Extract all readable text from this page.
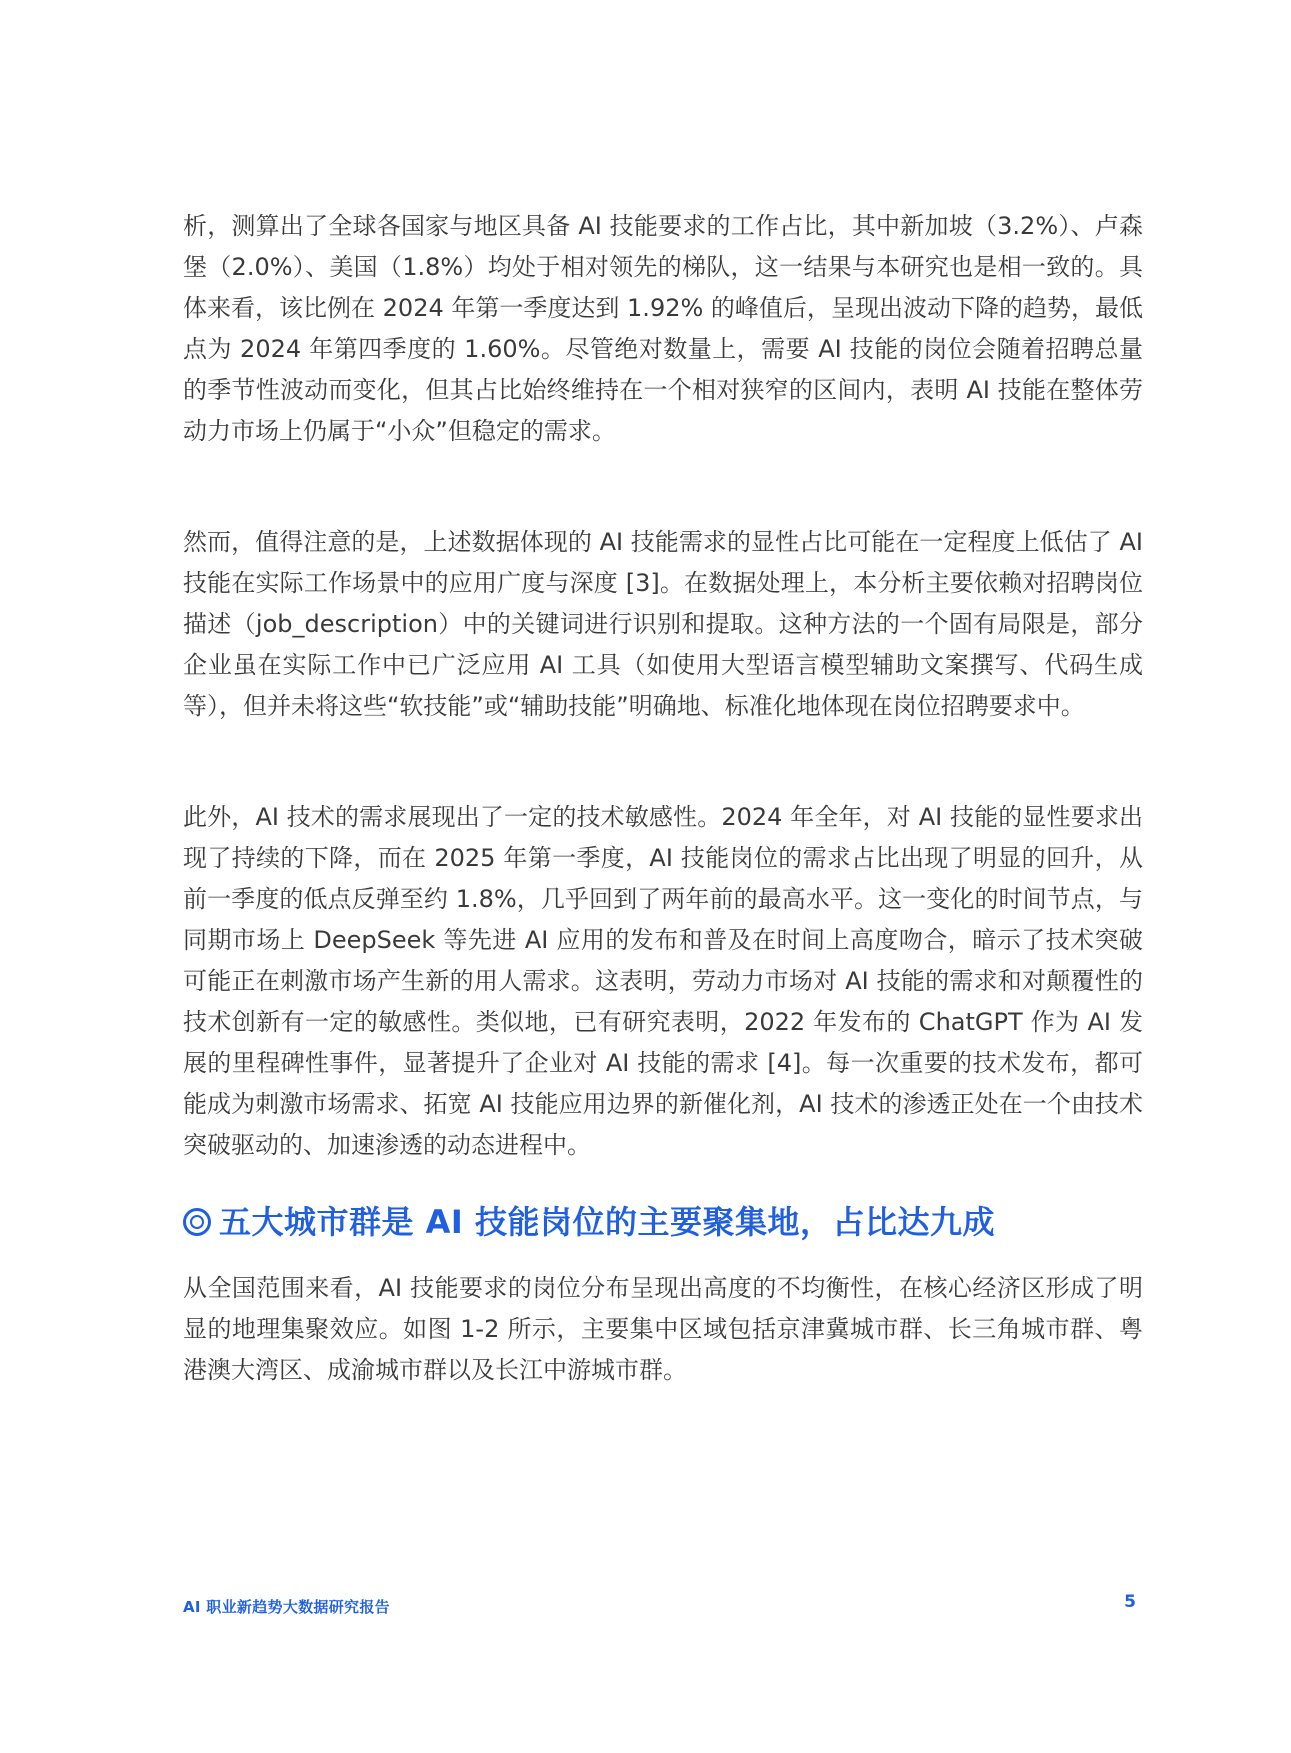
析，测算出了全球各国家与地区具备 AI 技能要求的工作占比，其中新加坡（3.2%）、卢森堡（2.0%）、美国（1.8%）均处于相对领先的梯队，这一结果与本研究也是相一致的。具体来看，该比例在 2024 年第一季度达到 1.92% 的峰值后，呈现出波动下降的趋势，最低点为 2024 年第四季度的 1.60%。尽管绝对数量上，需要 AI 技能的岗位会随着招聘总量的季节性波动而变化，但其占比始终维持在一个相对狭窄的区间内，表明 AI 技能在整体劳动力市场上仍属于“小众”但稳定的需求。

然而，值得注意的是，上述数据体现的 AI 技能需求的显性占比可能在一定程度上低估了 AI 技能在实际工作场景中的应用广度与深度 [3]。在数据处理上，本分析主要依赖对招聘岗位描述（job_description）中的关键词进行识别和提取。这种方法的一个固有局限是，部分企业虽在实际工作中已广泛应用 AI 工具（如使用大型语言模型辅助文案撰写、代码生成等），但并未将这些“软技能”或“辅助技能”明确地、标准化地体现在岗位招聘要求中。

此外，AI 技术的需求展现出了一定的技术敏感性。2024 年全年，对 AI 技能的显性要求出现了持续的下降，而在 2025 年第一季度，AI 技能岗位的需求占比出现了明显的回升，从前一季度的低点反弹至约 1.8%，几乎回到了两年前的最高水平。这一变化的时间节点，与同期市场上 DeepSeek 等先进 AI 应用的发布和普及在时间上高度吻合，暗示了技术突破可能正在刺激市场产生新的用人需求。这表明，劳动力市场对 AI 技能的需求和对颠覆性的技术创新有一定的敏感性。类似地，已有研究表明，2022 年发布的 ChatGPT 作为 AI 发展的里程碑性事件，显著提升了企业对 AI 技能的需求 [4]。每一次重要的技术发布，都可能成为刺激市场需求、拓宽 AI 技能应用边界的新催化剂，AI 技术的渗透正处在一个由技术突破驱动的、加速渗透的动态进程中。

五大城市群是 AI 技能岗位的主要聚集地，占比达九成

从全国范围来看，AI 技能要求的岗位分布呈现出高度的不均衡性，在核心经济区形成了明显的地理集聚效应。如图 1-2 所示，主要集中区域包括京津冀城市群、长三角城市群、粤港澳大湾区、成渝城市群以及长江中游城市群。

AI 职业新趋势大数据研究报告	5
